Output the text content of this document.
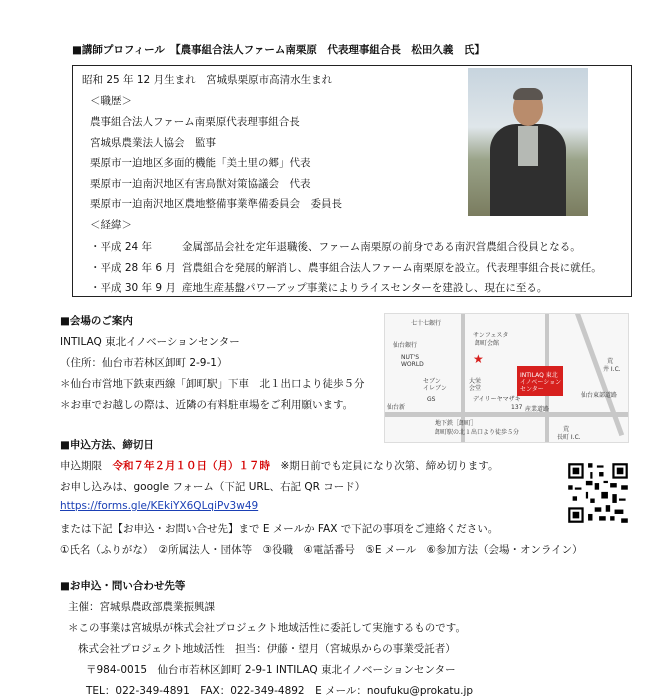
■講師プロフィール　【農事組合法人ファーム南栗原　代表理事組合長　松田久義　氏】
昭和 25 年 12 月生まれ　宮城県栗原市高清水生まれ
＜職歴＞
農事組合法人ファーム南栗原代表理事組合長
宮城県農業法人協会　監事
栗原市一迫地区多面的機能「美土里の郷」代表
栗原市一迫南沢地区有害鳥獣対策協議会　代表
栗原市一迫南沢地区農地整備事業準備委員会　委員長
＜経緯＞
・平成 24 年	金属部品会社を定年退職後、ファーム南栗原の前身である南沢営農組合役員となる。
・平成 28 年 6 月 営農組合を発展的解消し、農事組合法人ファーム南栗原を設立。代表理事組合長に就任。
・平成 30 年 9 月 産地生産基盤パワーアップ事業によりライスセンターを建設し、現在に至る。
■会場のご案内
INTILAQ 東北イノベーションセンター
（住所：仙台市若林区卸町 2-9-1）
＊仙台市営地下鉄東西線「卸町駅」下車　北１出口より徒歩５分
＊お車でお越しの際は、近隣の有料駐車場をご利用願います。
★
七十七銀行
サンフェスタ
卸町会館
仙台銀行
NUT'S
WORLD
セブン
イレブン
大栄
会堂
INTILAQ 東北
イノベーション
センター
デイリーヤマザキ
GS
仙台新
地下鉄［卸町］
卸町駅の北１出口より徒歩５分
137 産業道路
仙台東部道路
荒
井 I.C.
荒
長町 I.C.
■申込方法、締切日
申込期限　令和７年２月１０日（月）１７時　※期日前でも定員になり次第、締め切ります。
お申し込みは、google フォーム（下記 URL、右記 QR コード）
https://forms.gle/KEkiYX6QLqiPv3w49
または下記【お申込・お問い合せ先】まで E メールか FAX で下記の事項をご連絡ください。
①氏名（ふりがな）　②所属法人・団体等　③役職　④電話番号　⑤E メール　⑥参加方法（会場・オンライン）
■お申込・問い合わせ先等
主催：宮城県農政部農業振興課
＊この事業は宮城県が株式会社プロジェクト地域活性に委託して実施するものです。
株式会社プロジェクト地域活性　担当：伊藤・望月（宮城県からの事業受託者）
〒984-0015　仙台市若林区卸町 2-9-1 INTILAQ 東北イノベーションセンター
TEL：022-349-4891　FAX：022-349-4892　E メール：noufuku@prokatu.jp
